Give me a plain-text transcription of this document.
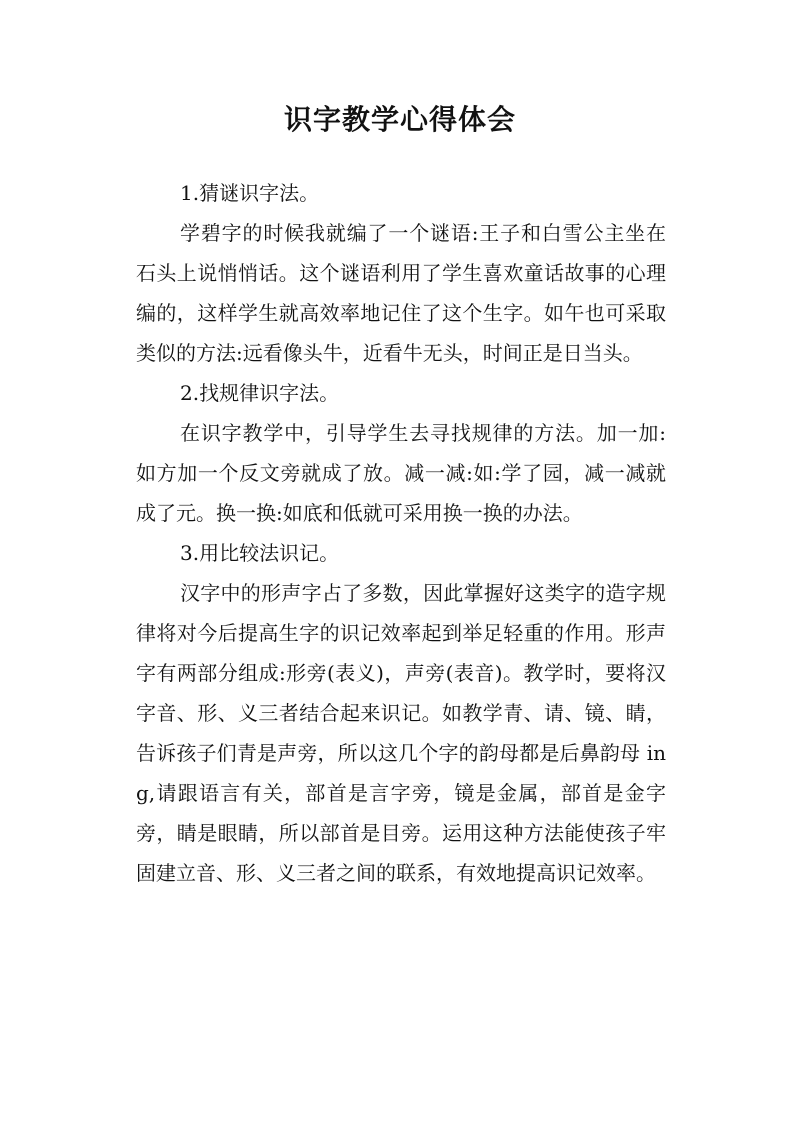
识字教学心得体会

1.猜谜识字法。

学碧字的时候我就编了一个谜语:王子和白雪公主坐在石头上说悄悄话。这个谜语利用了学生喜欢童话故事的心理编的，这样学生就高效率地记住了这个生字。如午也可采取类似的方法:远看像头牛，近看牛无头，时间正是日当头。

2.找规律识字法。

在识字教学中，引导学生去寻找规律的方法。加一加:如方加一个反文旁就成了放。减一减:如:学了园，减一减就成了元。换一换:如底和低就可采用换一换的办法。

3.用比较法识记。

汉字中的形声字占了多数，因此掌握好这类字的造字规律将对今后提高生字的识记效率起到举足轻重的作用。形声字有两部分组成:形旁(表义)，声旁(表音)。教学时，要将汉字音、形、义三者结合起来识记。如教学青、请、镜、睛，告诉孩子们青是声旁，所以这几个字的韵母都是后鼻韵母 ing,请跟语言有关，部首是言字旁，镜是金属，部首是金字旁，睛是眼睛，所以部首是目旁。运用这种方法能使孩子牢固建立音、形、义三者之间的联系，有效地提高识记效率。
